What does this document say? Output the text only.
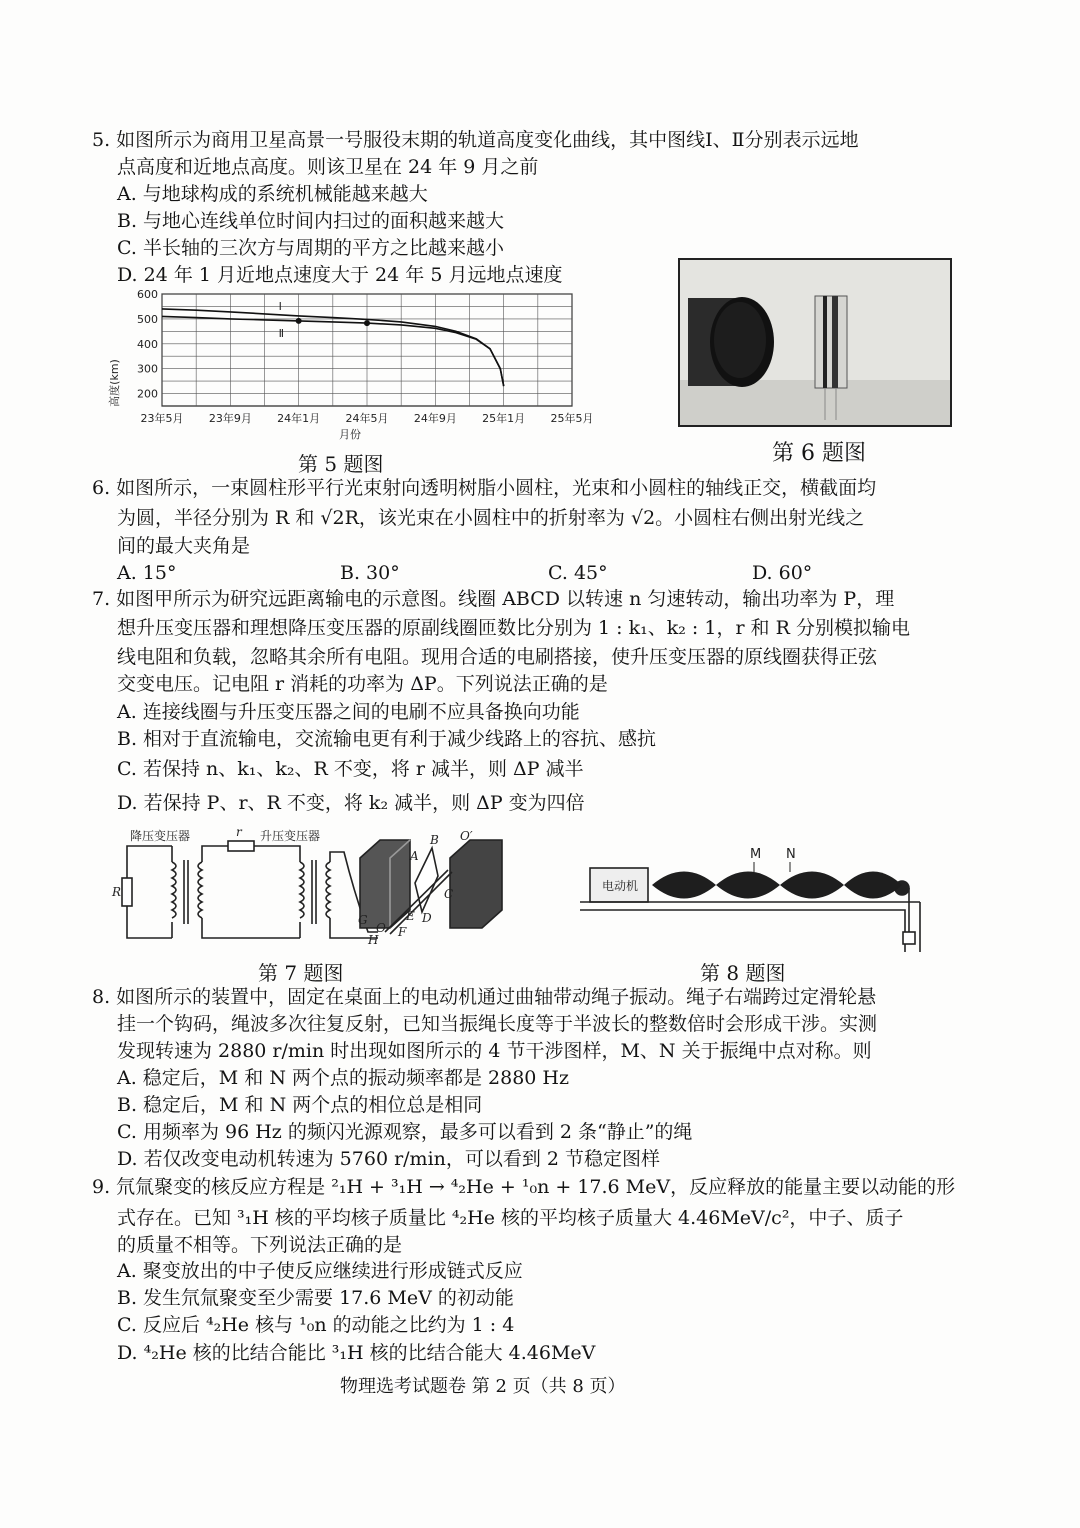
5. 如图所示为商用卫星高景一号服役末期的轨道高度变化曲线，其中图线Ⅰ、Ⅱ分别表示远地
点高度和近地点高度。则该卫星在 24 年 9 月之前
A. 与地球构成的系统机械能越来越大
B. 与地心连线单位时间内扫过的面积越来越大
C. 半长轴的三次方与周期的平方之比越来越小
D. 24 年 1 月近地点速度大于 24 年 5 月远地点速度
200
300
400
500
600
23年5月 23年9月 24年1月 24年5月 24年9月 25年1月 25年5月
Ⅰ
Ⅱ
高度(km)
月份
第 5 题图	第 6 题图
6. 如图所示，一束圆柱形平行光束射向透明树脂小圆柱，光束和小圆柱的轴线正交，横截面均
为圆，半径分别为 R 和 √2R，该光束在小圆柱中的折射率为 √2。小圆柱右侧出射光线之
间的最大夹角是
A. 15°	B. 30°	C. 45°	D. 60°
7. 如图甲所示为研究远距离输电的示意图。线圈 ABCD 以转速 n 匀速转动，输出功率为 P，理
想升压变压器和理想降压变压器的原副线圈匝数比分别为 1 : k₁、k₂ : 1，r 和 R 分别模拟输电
线电阻和负载，忽略其余所有电阻。现用合适的电刷搭接，使升压变压器的原线圈获得正弦
交变电压。记电阻 r 消耗的功率为 ΔP。下列说法正确的是
A. 连接线圈与升压变压器之间的电刷不应具备换向功能
B. 相对于直流输电，交流输电更有利于减少线路上的容抗、感抗
C. 若保持 n、k₁、k₂、R 不变，将 r 减半，则 ΔP 减半
D. 若保持 P、r、R 不变，将 k₂ 减半，则 ΔP 变为四倍
降压变压器	升压变压器
r
R
B
A
C
D
E
F
G
H
O
O′
第 7 题图
电动机
M N
第 8 题图
8. 如图所示的装置中，固定在桌面上的电动机通过曲轴带动绳子振动。绳子右端跨过定滑轮悬
挂一个钩码，绳波多次往复反射，已知当振绳长度等于半波长的整数倍时会形成干涉。实测
发现转速为 2880 r/min 时出现如图所示的 4 节干涉图样，M、N 关于振绳中点对称。则
A. 稳定后，M 和 N 两个点的振动频率都是 2880 Hz
B. 稳定后，M 和 N 两个点的相位总是相同
C. 用频率为 96 Hz 的频闪光源观察，最多可以看到 2 条“静止”的绳
D. 若仅改变电动机转速为 5760 r/min，可以看到 2 节稳定图样
9. 氘氚聚变的核反应方程是 ²₁H + ³₁H → ⁴₂He + ¹₀n + 17.6 MeV，反应释放的能量主要以动能的形
式存在。已知 ³₁H 核的平均核子质量比 ⁴₂He 核的平均核子质量大 4.46MeV/c²，中子、质子
的质量不相等。下列说法正确的是
A. 聚变放出的中子使反应继续进行形成链式反应
B. 发生氘氚聚变至少需要 17.6 MeV 的初动能
C. 反应后 ⁴₂He 核与 ¹₀n 的动能之比约为 1 : 4
D. ⁴₂He 核的比结合能比 ³₁H 核的比结合能大 4.46MeV
物理选考试题卷 第 2 页（共 8 页）
